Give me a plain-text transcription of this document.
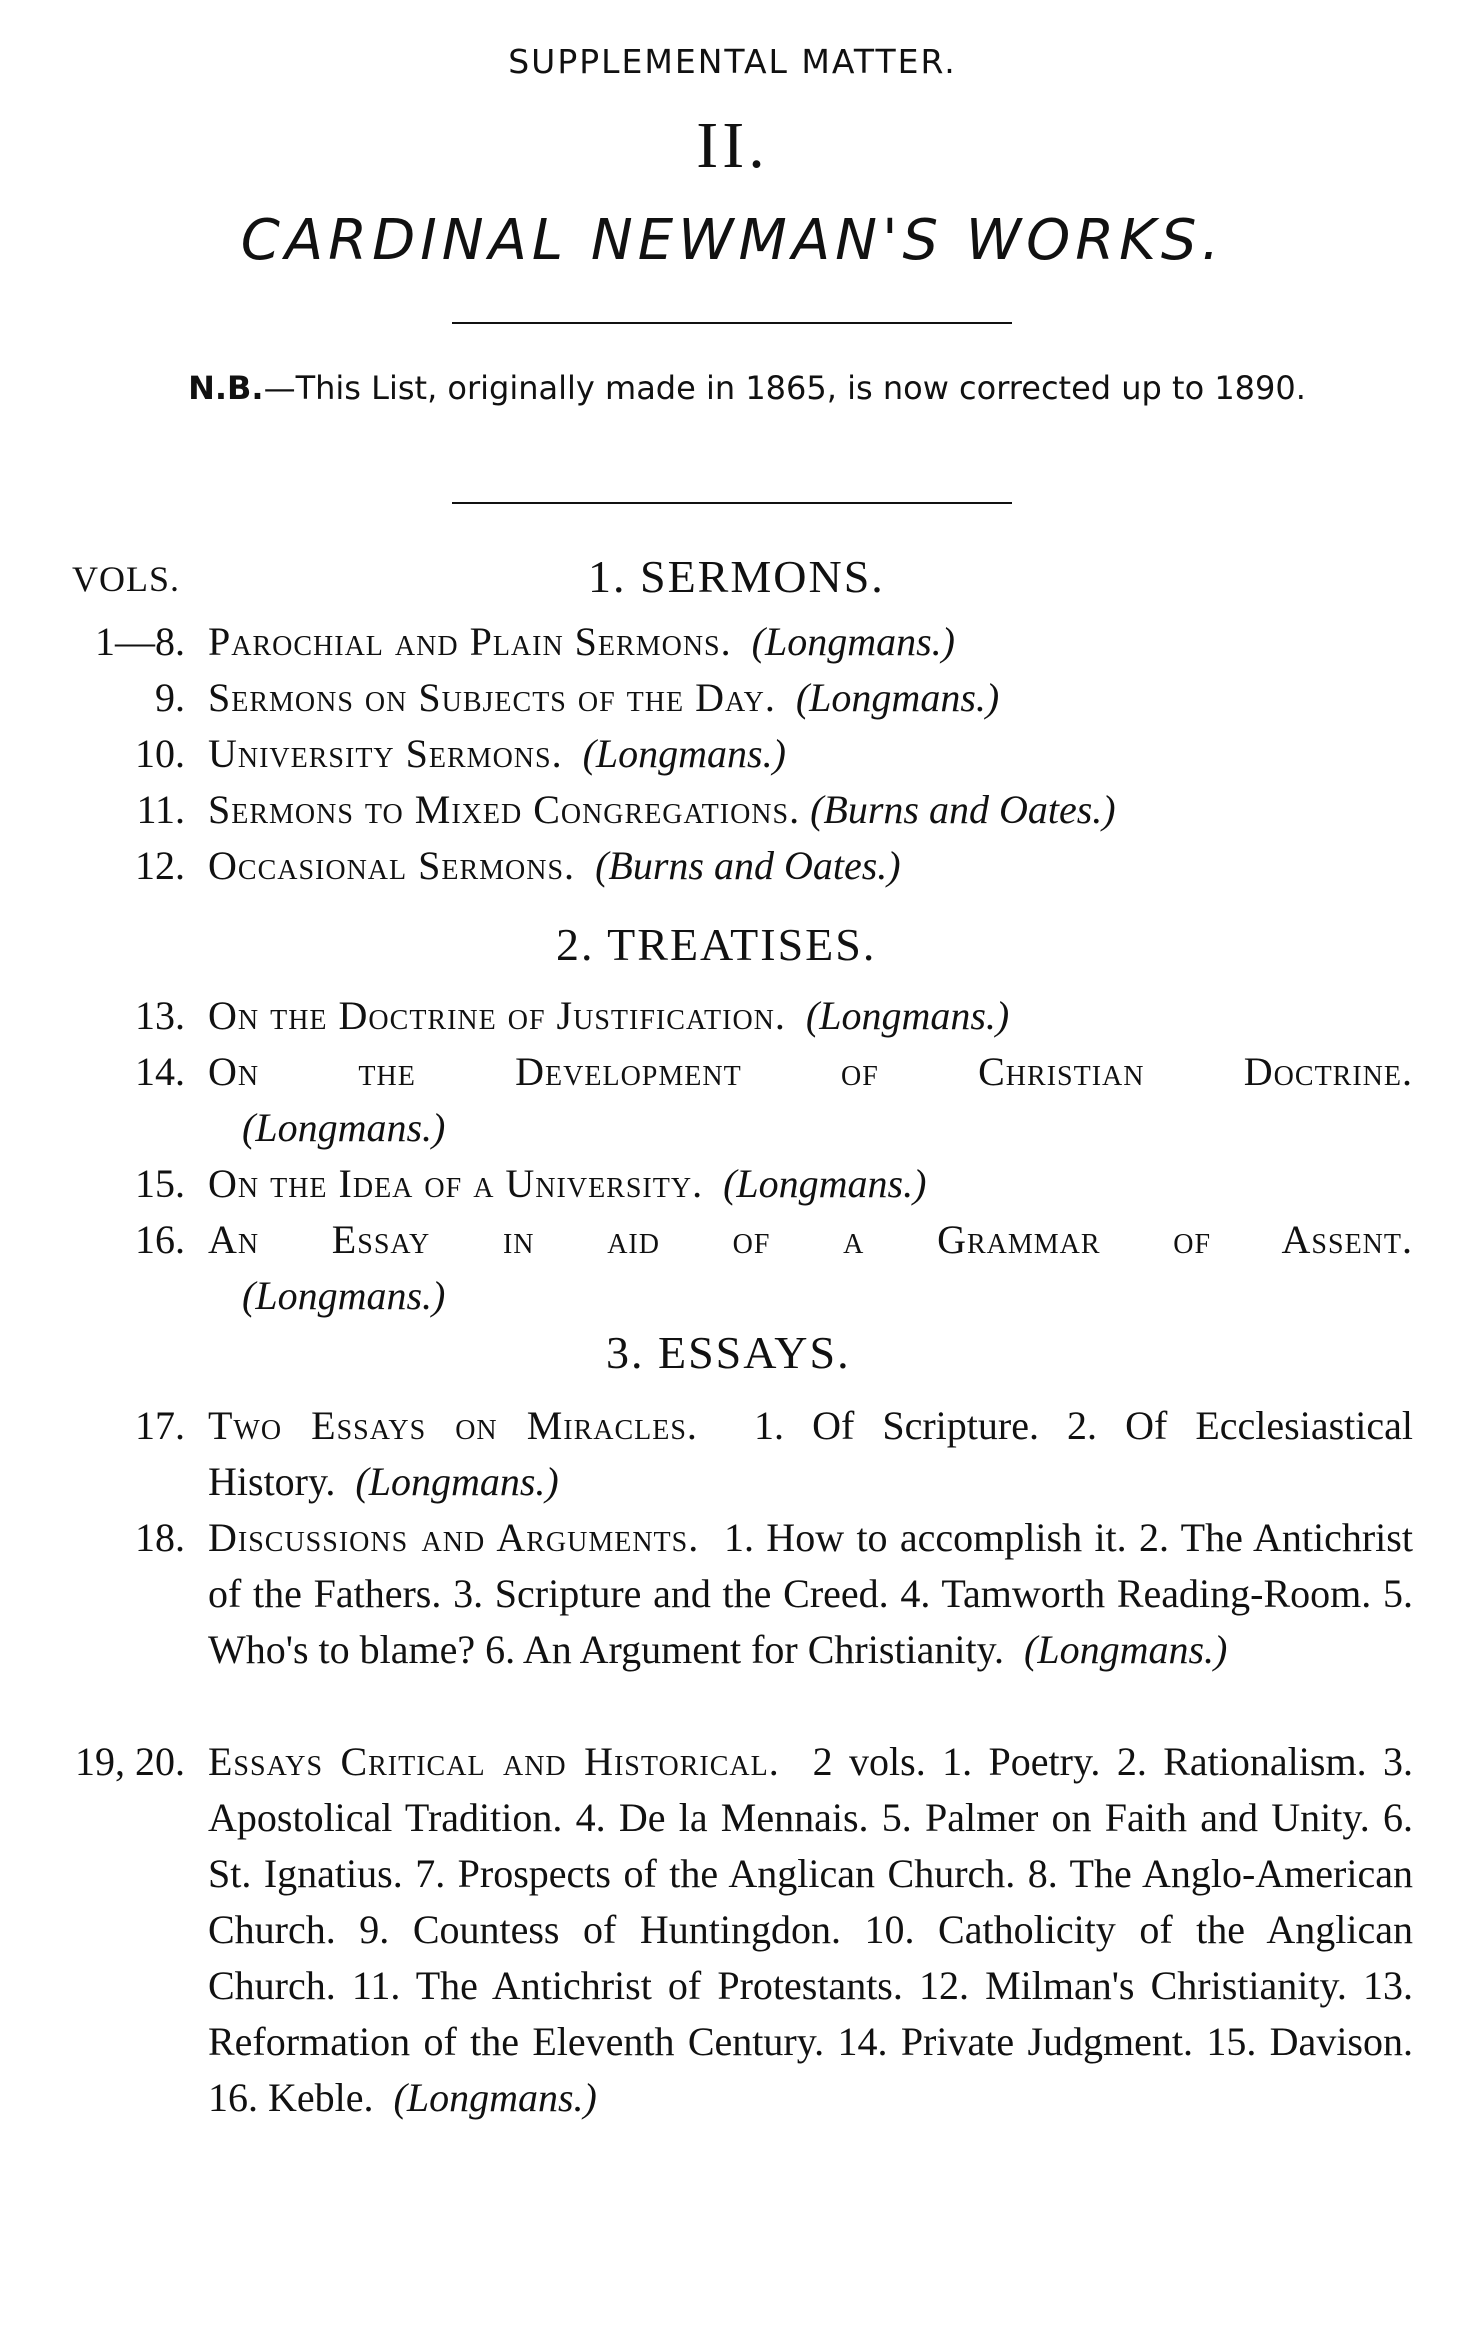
SUPPLEMENTAL MATTER.
II.
CARDINAL NEWMAN'S WORKS.
N.B.—This List, originally made in 1865, is now corrected up to 1890.
VOLS.	1. SERMONS.
1—8. Parochial and Plain Sermons. (Longmans.)
9. Sermons on Subjects of the Day. (Longmans.)
10. University Sermons. (Longmans.)
11. Sermons to Mixed Congregations. (Burns and Oates.)
12. Occasional Sermons. (Burns and Oates.)
2. TREATISES.
13. On the Doctrine of Justification. (Longmans.)
14. On the Development of Christian Doctrine.
(Longmans.)
15. On the Idea of a University. (Longmans.)
16. An Essay in aid of a Grammar of Assent.
(Longmans.)
3. ESSAYS.
17. Two Essays on Miracles. 1. Of Scripture. 2. Of Ecclesiastical History. (Longmans.)
18. Discussions and Arguments. 1. How to accomplish it. 2. The Antichrist of the Fathers. 3. Scripture and the Creed. 4. Tamworth Reading-Room. 5. Who's to blame? 6. An Argument for Christianity. (Longmans.)
19, 20. Essays Critical and Historical. 2 vols. 1. Poetry. 2. Rationalism. 3. Apostolical Tradition. 4. De la Mennais. 5. Palmer on Faith and Unity. 6. St. Ignatius. 7. Prospects of the Anglican Church. 8. The Anglo-American Church. 9. Countess of Huntingdon. 10. Catholicity of the Anglican Church. 11. The Antichrist of Protestants. 12. Milman's Christianity. 13. Reformation of the Eleventh Century. 14. Private Judgment. 15. Davison. 16. Keble. (Longmans.)
